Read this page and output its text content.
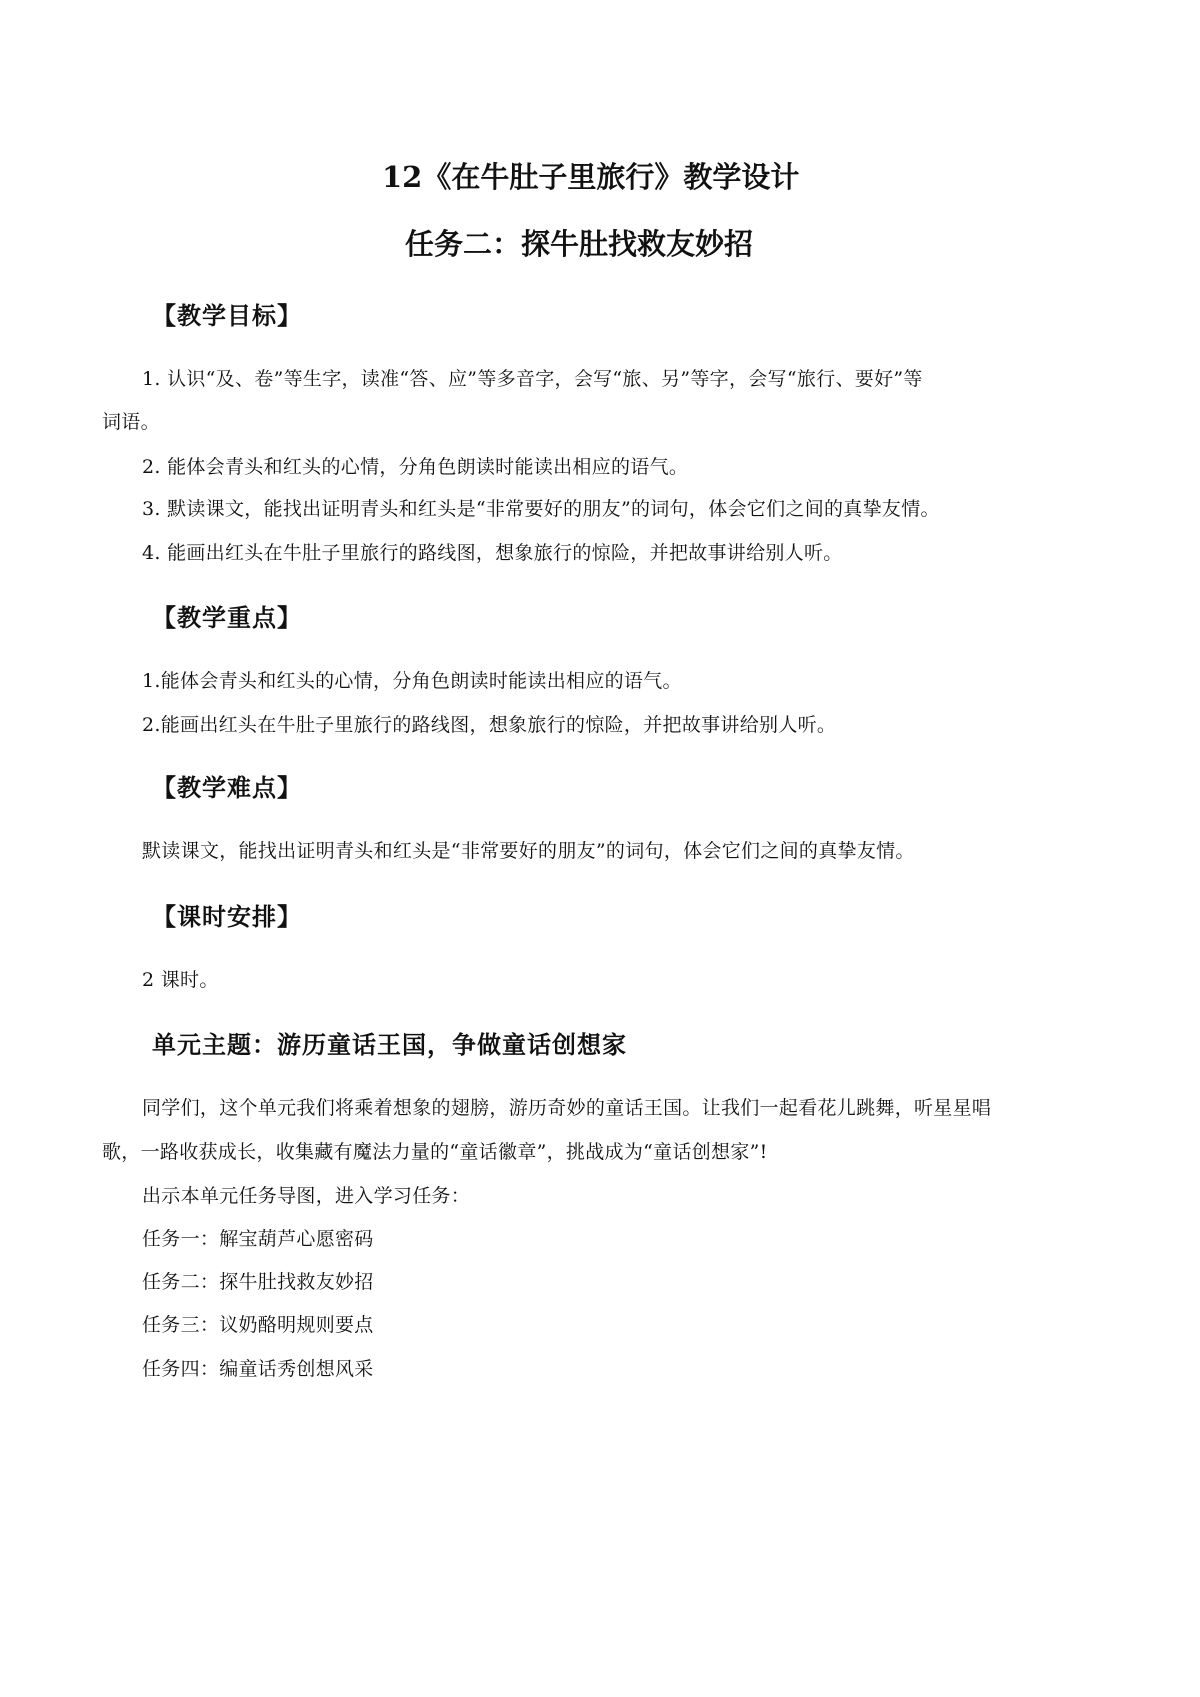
12《在牛肚子里旅行》教学设计
任务二：探牛肚找救友妙招
【教学目标】
1. 认识“及、卷”等生字，读准“答、应”等多音字，会写“旅、另”等字，会写“旅行、要好”等
词语。
2. 能体会青头和红头的心情，分角色朗读时能读出相应的语气。
3. 默读课文，能找出证明青头和红头是“非常要好的朋友”的词句，体会它们之间的真挚友情。
4. 能画出红头在牛肚子里旅行的路线图，想象旅行的惊险，并把故事讲给别人听。
【教学重点】
1.能体会青头和红头的心情，分角色朗读时能读出相应的语气。
2.能画出红头在牛肚子里旅行的路线图，想象旅行的惊险，并把故事讲给别人听。
【教学难点】
默读课文，能找出证明青头和红头是“非常要好的朋友”的词句，体会它们之间的真挚友情。
【课时安排】
2 课时。
单元主题：游历童话王国，争做童话创想家
同学们，这个单元我们将乘着想象的翅膀，游历奇妙的童话王国。让我们一起看花儿跳舞，听星星唱
歌，一路收获成长，收集藏有魔法力量的“童话徽章”，挑战成为“童话创想家”!
出示本单元任务导图，进入学习任务：
任务一：解宝葫芦心愿密码
任务二：探牛肚找救友妙招
任务三：议奶酪明规则要点
任务四：编童话秀创想风采
